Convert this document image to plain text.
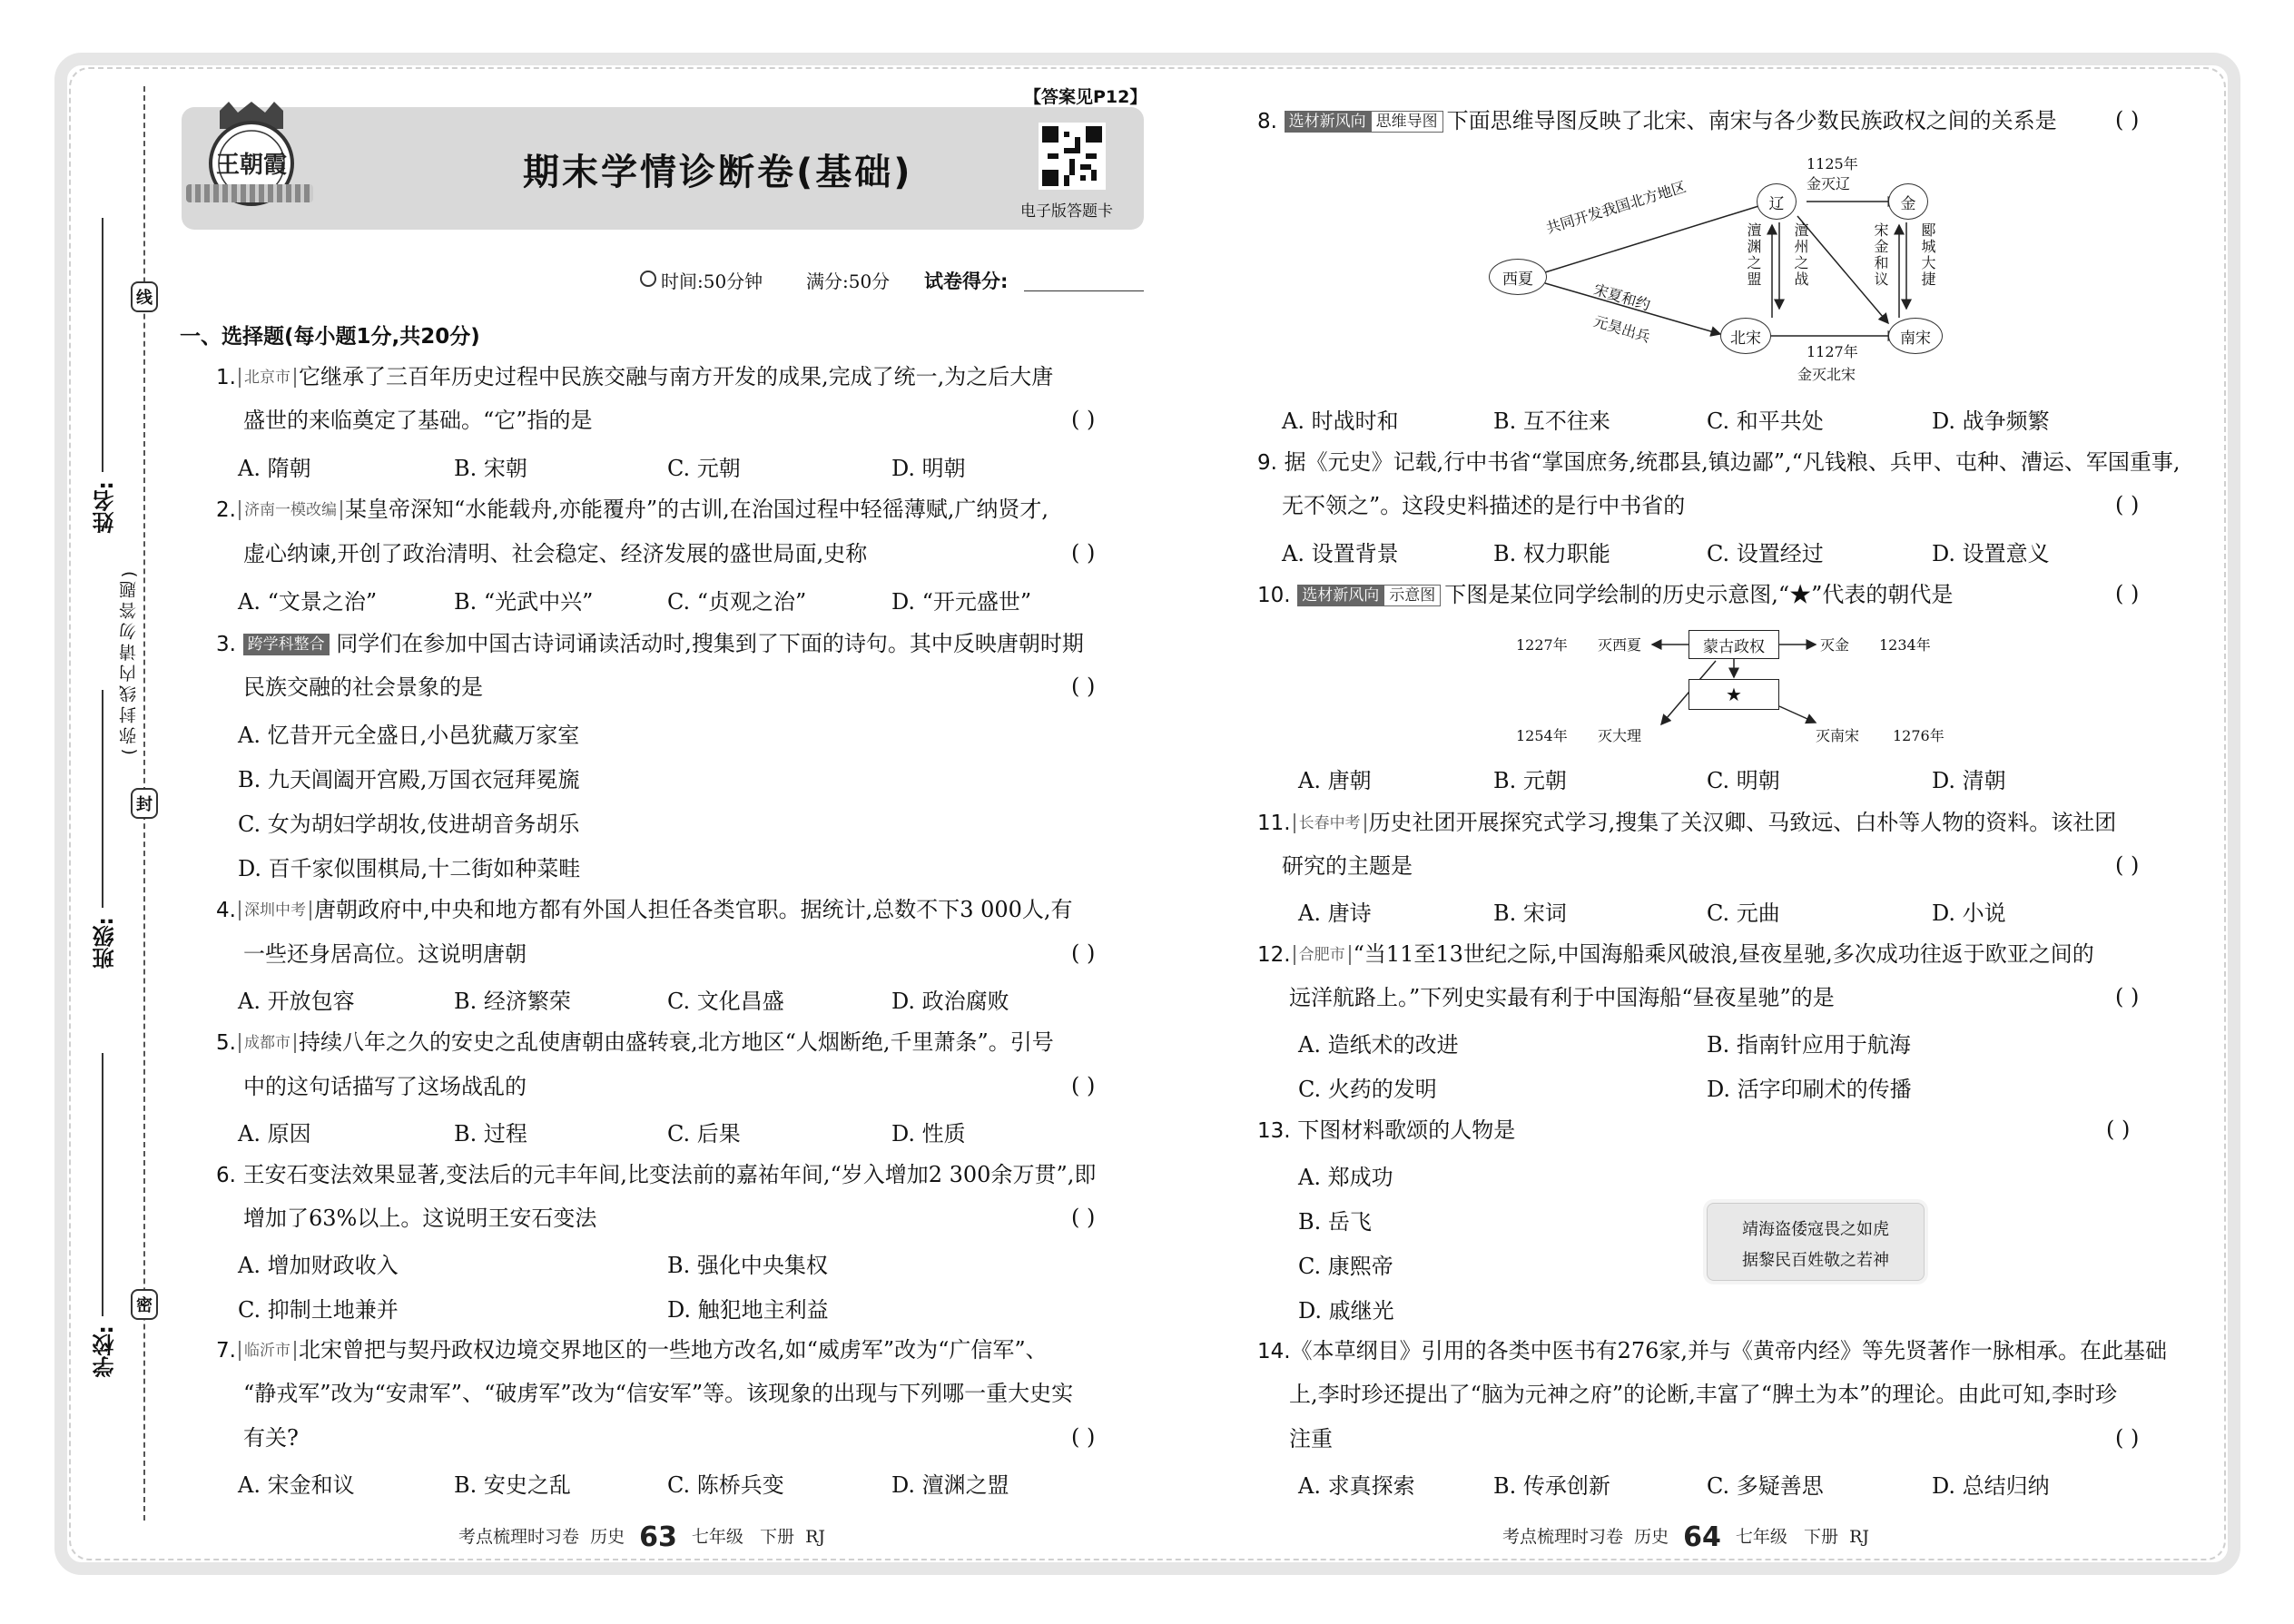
线
封
密
姓名:
班级:
学校:
(弥封线内请勿答题)
王朝霞
【答案见P12】
期末学情诊断卷(基础)
电子版答题卡
时间:50分钟 满分:50分 试卷得分:
一、选择题(每小题1分,共20分)
1. 北京市 它继承了三百年历史过程中民族交融与南方开发的成果,完成了统一,为之后大唐
盛世的来临奠定了基础。“它”指的是	( )
A. 隋朝	B. 宋朝	C. 元朝	D. 明朝
2. 济南一模改编 某皇帝深知“水能载舟,亦能覆舟”的古训,在治国过程中轻徭薄赋,广纳贤才,
虚心纳谏,开创了政治清明、社会稳定、经济发展的盛世局面,史称	( )
A. “文景之治”	B. “光武中兴”	C. “贞观之治”	D. “开元盛世”
3. 跨学科整合 同学们在参加中国古诗词诵读活动时,搜集到了下面的诗句。其中反映唐朝时期
民族交融的社会景象的是	( )
A. 忆昔开元全盛日,小邑犹藏万家室
B. 九天阊阖开宫殿,万国衣冠拜冕旒
C. 女为胡妇学胡妆,伎进胡音务胡乐
D. 百千家似围棋局,十二街如种菜畦
4. 深圳中考 唐朝政府中,中央和地方都有外国人担任各类官职。据统计,总数不下3 000人,有
一些还身居高位。这说明唐朝	( )
A. 开放包容	B. 经济繁荣	C. 文化昌盛	D. 政治腐败
5. 成都市 持续八年之久的安史之乱使唐朝由盛转衰,北方地区“人烟断绝,千里萧条”。引号
中的这句话描写了这场战乱的	( )
A. 原因	B. 过程	C. 后果	D. 性质
6. 王安石变法效果显著,变法后的元丰年间,比变法前的嘉祐年间,“岁入增加2 300余万贯”,即
增加了63%以上。这说明王安石变法	( )
A. 增加财政收入	B. 强化中央集权
C. 抑制土地兼并	D. 触犯地主利益
7. 临沂市 北宋曾把与契丹政权边境交界地区的一些地方改名,如“威虏军”改为“广信军”、
“静戎军”改为“安肃军”、“破虏军”改为“信安军”等。该现象的出现与下列哪一重大史实
有关?	( )
A. 宋金和议	B. 安史之乱	C. 陈桥兵变	D. 澶渊之盟
考点梳理时习卷 历史 63 七年级 下册 RJ
8. 选材新风向 思维导图 下面思维导图反映了北宋、南宋与各少数民族政权之间的关系是	( )
西夏
辽	金
北宋	南宋
1125年
金灭辽
1127年
金灭北宋
共同开发我国北方地区
宋夏和约
元昊出兵
澶渊之盟 澶州之战	宋金和议 郾城大捷
A. 时战时和	B. 互不往来	C. 和平共处	D. 战争频繁
9. 据《元史》记载,行中书省“掌国庶务,统郡县,镇边鄙”,“凡钱粮、兵甲、屯种、漕运、军国重事,
无不领之”。这段史料描述的是行中书省的	( )
A. 设置背景	B. 权力职能	C. 设置经过	D. 设置意义
10. 选材新风向 示意图 下图是某位同学绘制的历史示意图,“★”代表的朝代是	( )
蒙古政权
★
1227年 灭西夏	灭金 1234年
1254年 灭大理	灭南宋 1276年
A. 唐朝	B. 元朝	C. 明朝	D. 清朝
11. 长春中考 历史社团开展探究式学习,搜集了关汉卿、马致远、白朴等人物的资料。该社团
研究的主题是	( )
A. 唐诗	B. 宋词	C. 元曲	D. 小说
12. 合肥市 “当11至13世纪之际,中国海船乘风破浪,昼夜星驰,多次成功往返于欧亚之间的
远洋航路上。”下列史实最有利于中国海船“昼夜星驰”的是	( )
A. 造纸术的改进	B. 指南针应用于航海
C. 火药的发明	D. 活字印刷术的传播
13. 下图材料歌颂的人物是	( )
A. 郑成功
B. 岳飞
C. 康熙帝
D. 戚继光
靖海盗倭寇畏之如虎
据黎民百姓敬之若神
14.《本草纲目》引用的各类中医书有276家,并与《黄帝内经》等先贤著作一脉相承。在此基础
上,李时珍还提出了“脑为元神之府”的论断,丰富了“脾土为本”的理论。由此可知,李时珍
注重	( )
A. 求真探索	B. 传承创新	C. 多疑善思	D. 总结归纳
考点梳理时习卷 历史 64 七年级 下册 RJ
